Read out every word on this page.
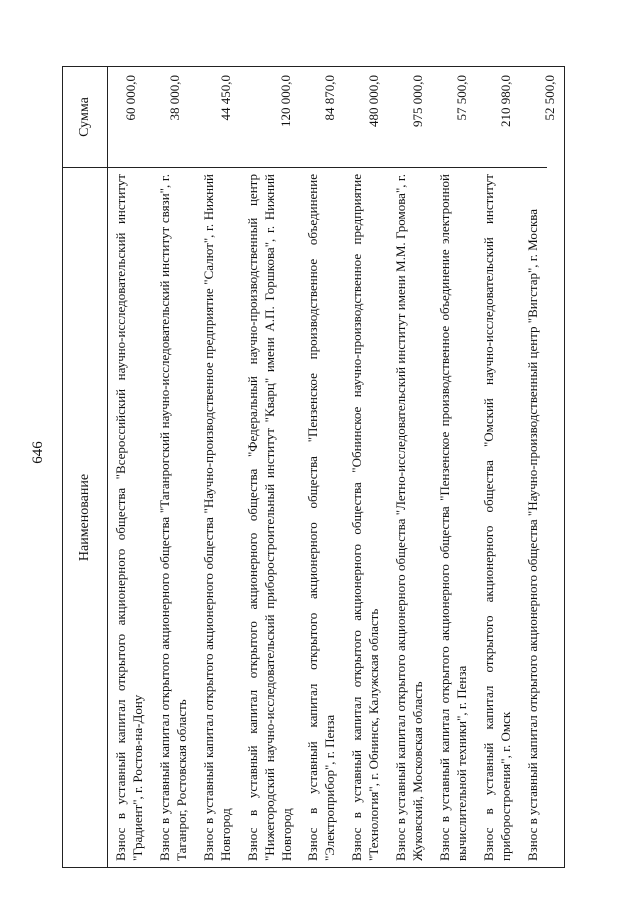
646
Наименование
Сумма
Взнос в уставный капитал открытого акционерного общества "Всероссийский научно-исследовательский институт "Градиент", г. Ростов-на-Дону
60 000,0
Взнос в уставный капитал открытого акционерного общества "Таганрогский научно-исследовательский институт связи", г. Таганрог, Ростовская область
38 000,0
Взнос в уставный капитал открытого акционерного общества "Научно-производственное предприятие "Салют", г. Нижний Новгород
44 450,0
Взнос в уставный капитал открытого акционерного общества "Федеральный научно-производственный центр "Нижегородский научно-исследовательский приборостроительный институт "Кварц" имени А.П. Горшкова", г. Нижний Новгород
120 000,0
Взнос в уставный капитал открытого акционерного общества "Пензенское производственное объединение "Электроприбор", г. Пенза
84 870,0
Взнос в уставный капитал открытого акционерного общества "Обнинское научно-производственное предприятие "Технология", г. Обнинск, Калужская область
480 000,0
Взнос в уставный капитал открытого акционерного общества "Летно-исследовательский институт имени М.М. Громова", г. Жуковский, Московская область
975 000,0
Взнос в уставный капитал открытого акционерного общества "Пензенское производственное объединение электронной вычислительной техники", г. Пенза
57 500,0
Взнос в уставный капитал открытого акционерного общества "Омский научно-исследовательский институт приборостроения", г. Омск
210 980,0
Взнос в уставный капитал открытого акционерного общества "Научно-производственный центр "Вигстар", г. Москва
52 500,0
